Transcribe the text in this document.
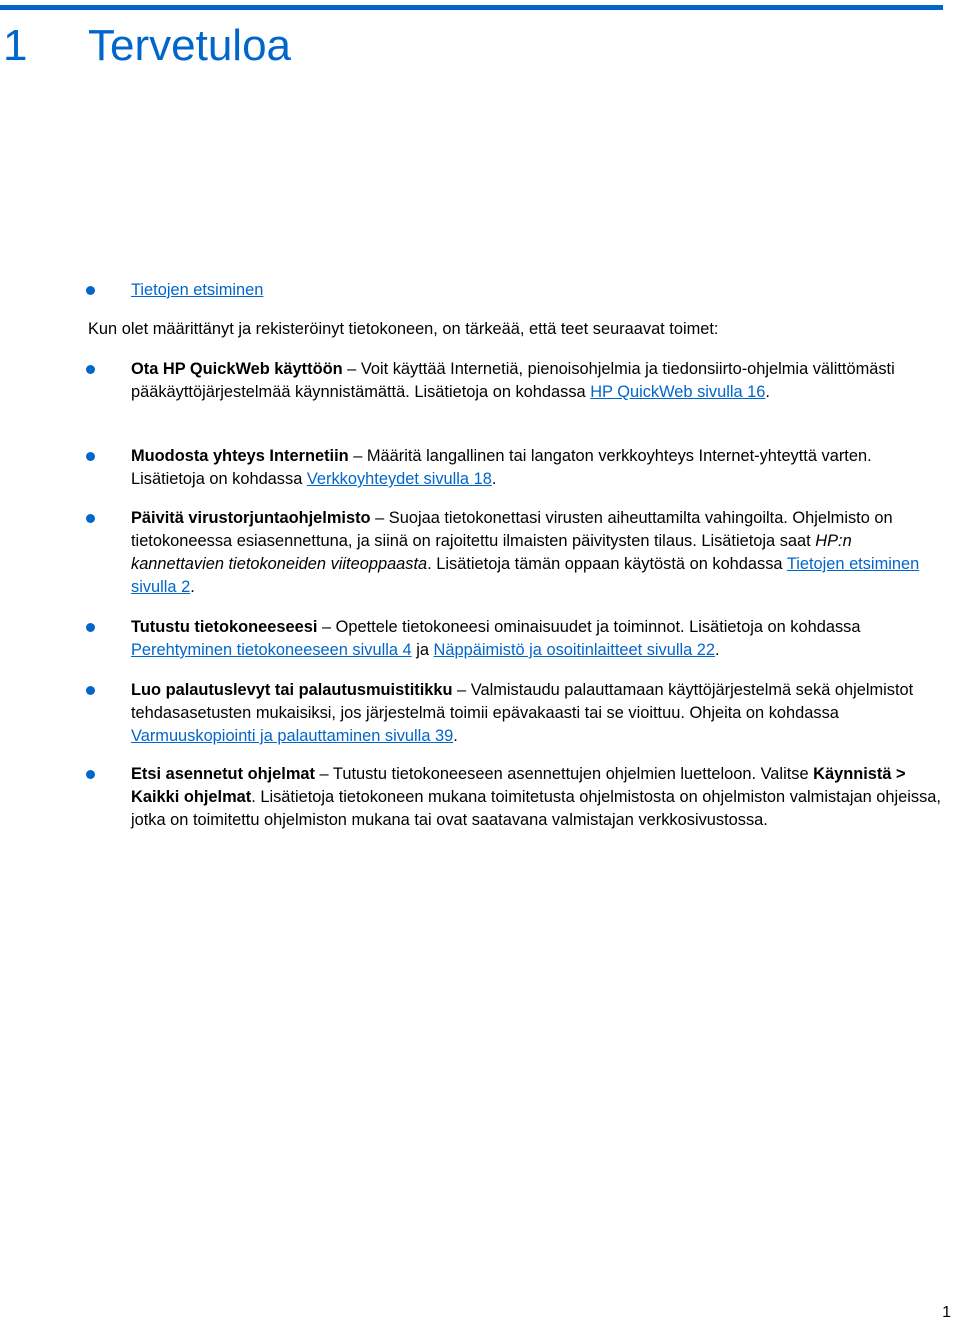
1 Tervetuloa
Tietojen etsiminen
Kun olet määrittänyt ja rekisteröinyt tietokoneen, on tärkeää, että teet seuraavat toimet:
Ota HP QuickWeb käyttöön – Voit käyttää Internetiä, pienoisohjelmia ja tiedonsiirto-ohjelmia välittömästi pääkäyttöjärjestelmää käynnistämättä. Lisätietoja on kohdassa HP QuickWeb sivulla 16.
Muodosta yhteys Internetiin – Määritä langallinen tai langaton verkkoyhteys Internet-yhteyttä varten. Lisätietoja on kohdassa Verkkoyhteydet sivulla 18.
Päivitä virustorjuntaohjelmisto – Suojaa tietokonettasi virusten aiheuttamilta vahingoilta. Ohjelmisto on tietokoneessa esiasennettuna, ja siinä on rajoitettu ilmaisten päivitysten tilaus. Lisätietoja saat HP:n kannettavien tietokoneiden viiteoppaasta. Lisätietoja tämän oppaan käytöstä on kohdassa Tietojen etsiminen sivulla 2.
Tutustu tietokoneeseesi – Opettele tietokoneesi ominaisuudet ja toiminnot. Lisätietoja on kohdassa Perehtyminen tietokoneeseen sivulla 4 ja Näppäimistö ja osoitinlaitteet sivulla 22.
Luo palautuslevyt tai palautusmuistitikku – Valmistaudu palauttamaan käyttöjärjestelmä sekä ohjelmistot tehdasasetusten mukaisiksi, jos järjestelmä toimii epävakaasti tai se vioittuu. Ohjeita on kohdassa Varmuuskopiointi ja palauttaminen sivulla 39.
Etsi asennetut ohjelmat – Tutustu tietokoneeseen asennettujen ohjelmien luetteloon. Valitse Käynnistä > Kaikki ohjelmat. Lisätietoja tietokoneen mukana toimitetusta ohjelmistosta on ohjelmiston valmistajan ohjeissa, jotka on toimitettu ohjelmiston mukana tai ovat saatavana valmistajan verkkosivustossa.
1
